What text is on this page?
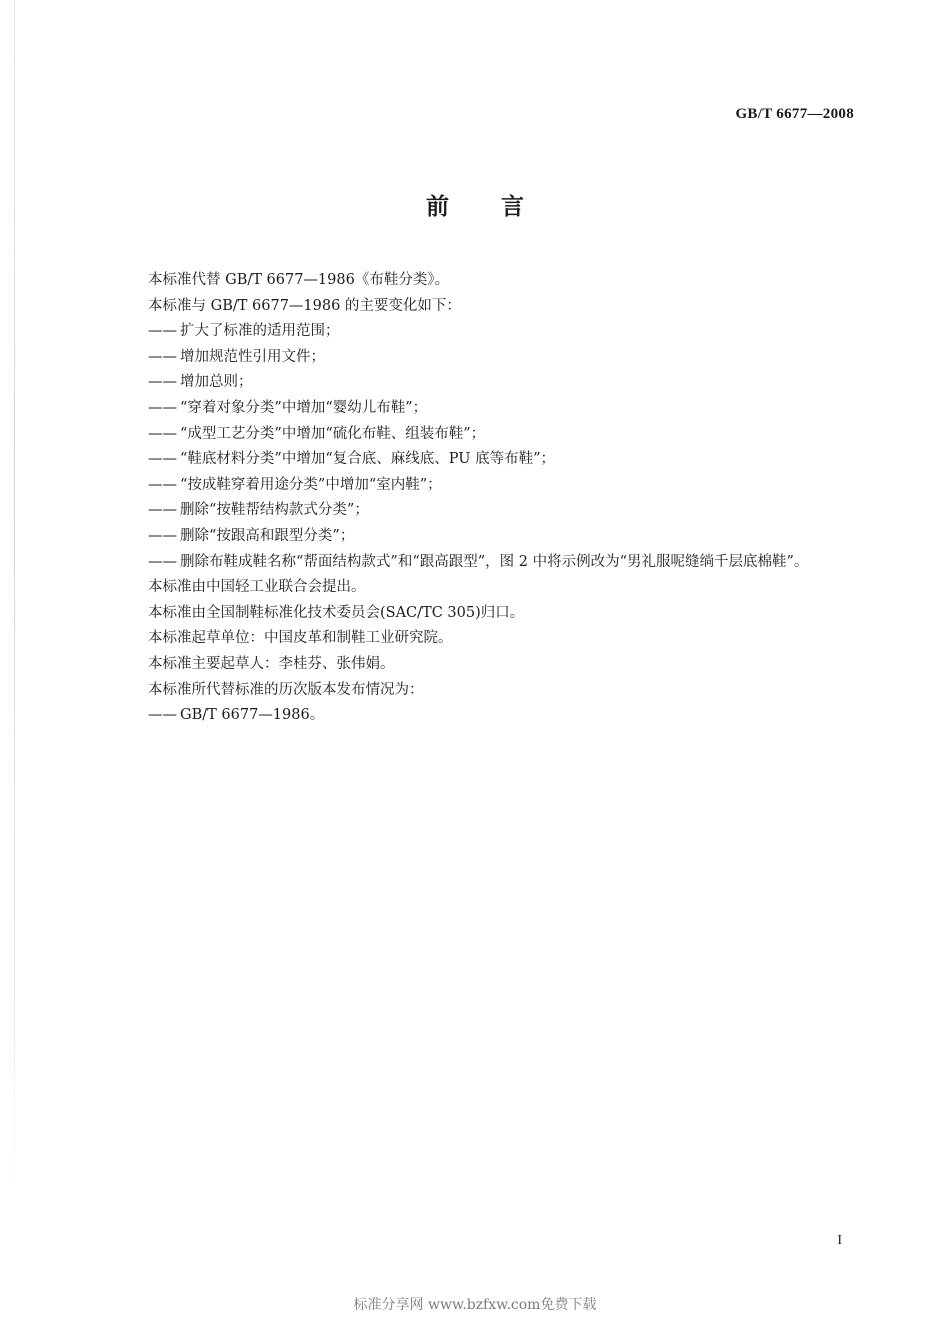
GB/T 6677—2008
前言

本标准代替 GB/T 6677—1986《布鞋分类》。

本标准与 GB/T 6677—1986 的主要变化如下：

—— 扩大了标准的适用范围；
—— 增加规范性引用文件；
—— 增加总则；
—— “穿着对象分类”中增加“婴幼儿布鞋”；
—— “成型工艺分类”中增加“硫化布鞋、组装布鞋”；
—— “鞋底材料分类”中增加“复合底、麻线底、PU 底等布鞋”；
—— “按成鞋穿着用途分类”中增加“室内鞋”；
—— 删除“按鞋帮结构款式分类”；
—— 删除“按跟高和跟型分类”；
—— 删除布鞋成鞋名称“帮面结构款式”和“跟高跟型”，图 2 中将示例改为“男礼服呢缝绱千层底棉鞋”。

本标准由中国轻工业联合会提出。

本标准由全国制鞋标准化技术委员会(SAC/TC 305)归口。

本标准起草单位：中国皮革和制鞋工业研究院。

本标准主要起草人：李桂芬、张伟娟。

本标准所代替标准的历次版本发布情况为：

—— GB/T 6677—1986。
I
标准分享网 www.bzfxw.com免费下载
